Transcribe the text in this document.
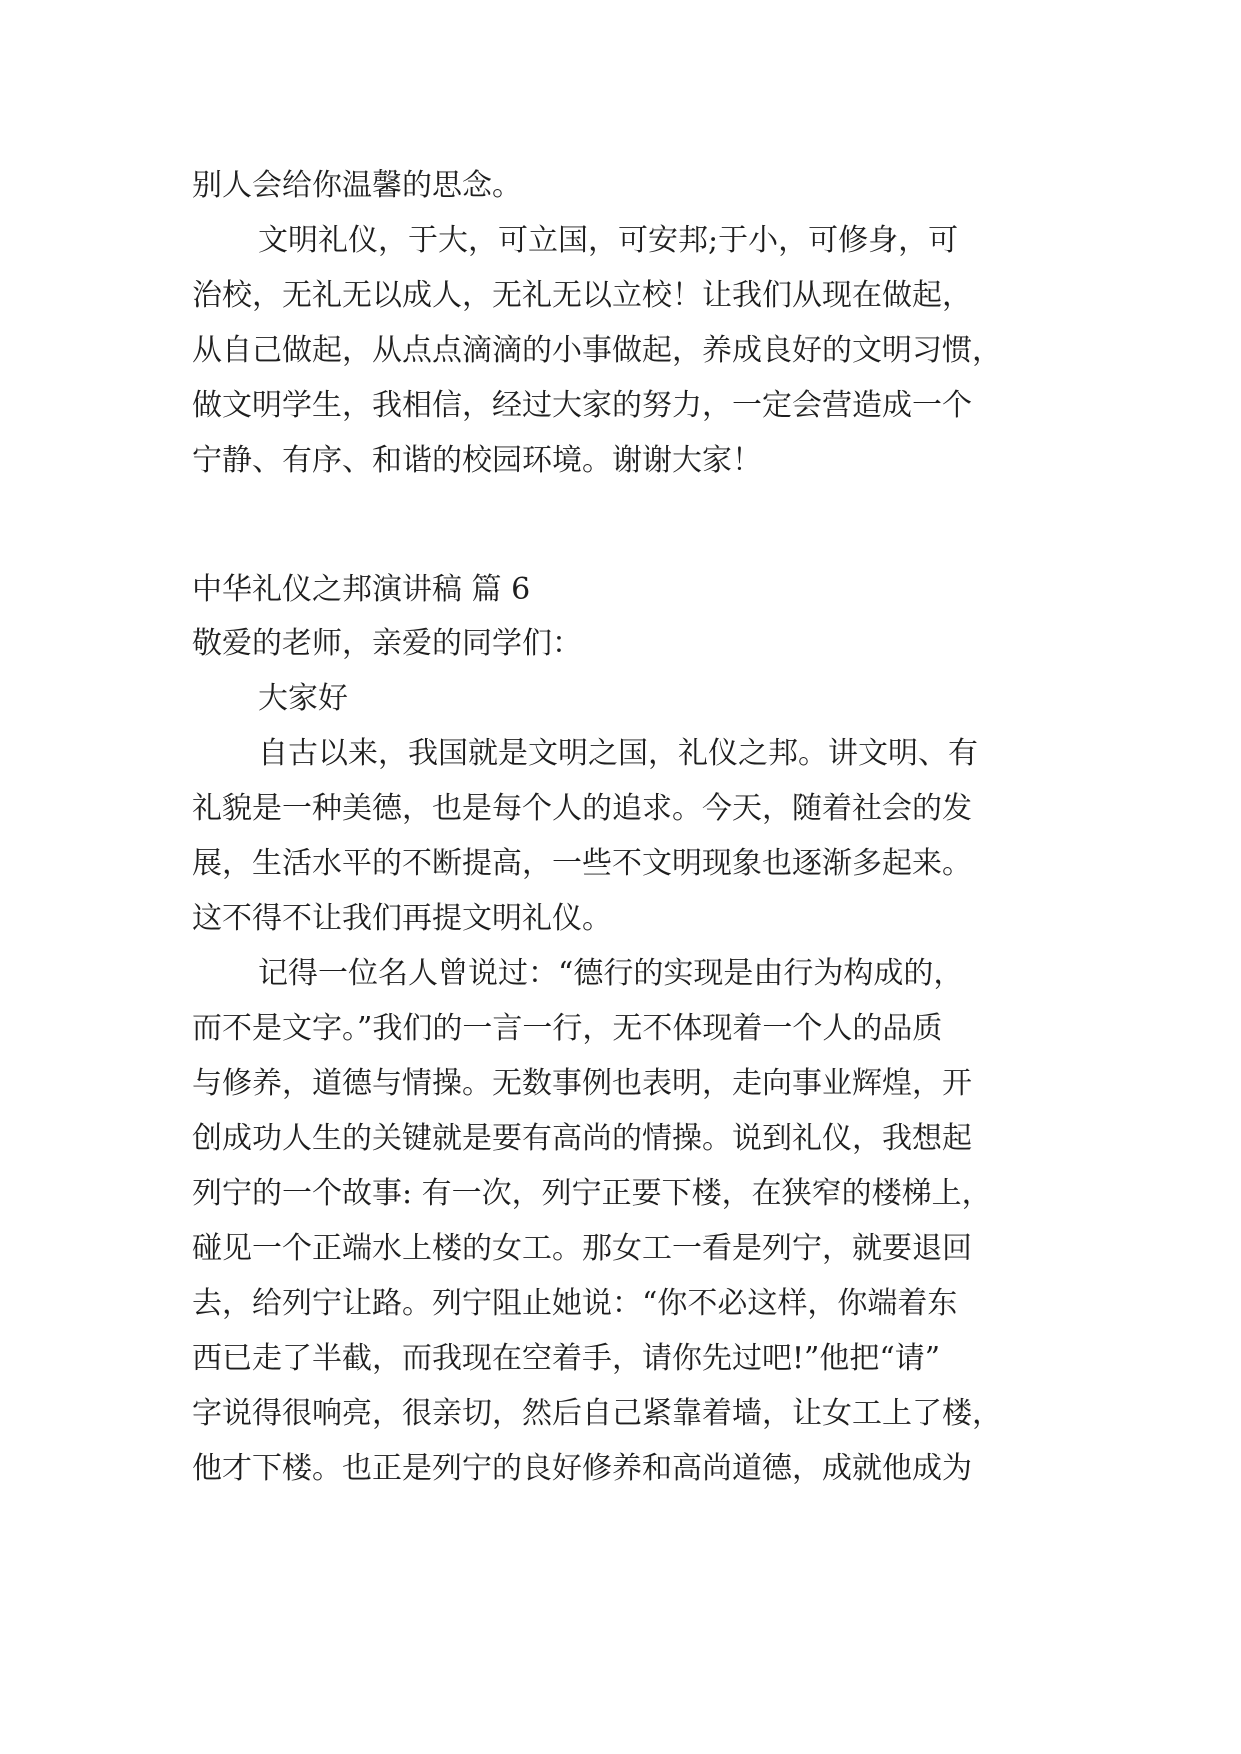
别人会给你温馨的思念。
文明礼仪，于大，可立国，可安邦;于小，可修身，可
治校，无礼无以成人，无礼无以立校！让我们从现在做起，
从自己做起，从点点滴滴的小事做起，养成良好的文明习惯，
做文明学生，我相信，经过大家的努力，一定会营造成一个
宁静、有序、和谐的校园环境。谢谢大家！
中华礼仪之邦演讲稿 篇 6
敬爱的老师，亲爱的同学们：
大家好
自古以来，我国就是文明之国，礼仪之邦。讲文明、有
礼貌是一种美德，也是每个人的追求。今天，随着社会的发
展，生活水平的不断提高，一些不文明现象也逐渐多起来。
这不得不让我们再提文明礼仪。
记得一位名人曾说过：“德行的实现是由行为构成的，
而不是文字。”我们的一言一行，无不体现着一个人的品质
与修养，道德与情操。无数事例也表明，走向事业辉煌，开
创成功人生的关键就是要有高尚的情操。说到礼仪，我想起
列宁的一个故事: 有一次，列宁正要下楼，在狭窄的楼梯上，
碰见一个正端水上楼的女工。那女工一看是列宁，就要退回
去，给列宁让路。列宁阻止她说：“你不必这样，你端着东
西已走了半截，而我现在空着手，请你先过吧!”他把“请”
字说得很响亮，很亲切，然后自己紧靠着墙，让女工上了楼，
他才下楼。也正是列宁的良好修养和高尚道德，成就他成为
